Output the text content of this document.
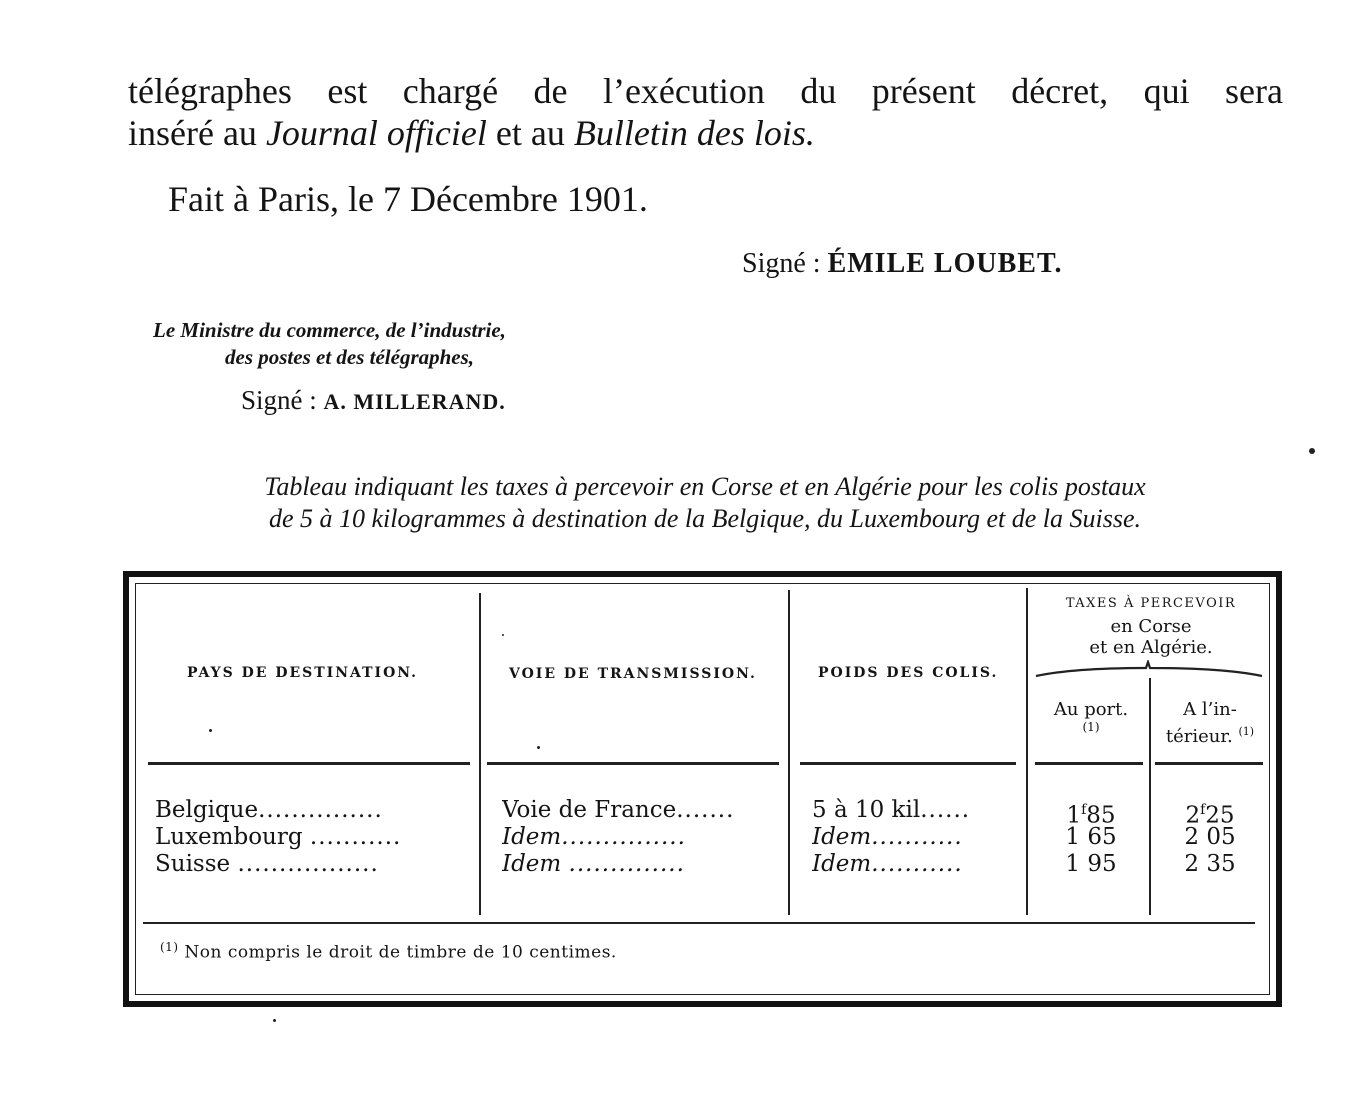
télégraphes est chargé de l’exécution du présent décret, qui sera
inséré au Journal officiel et au Bulletin des lois.
Fait à Paris, le 7 Décembre 1901.
Signé : ÉMILE LOUBET.
Le Ministre du commerce, de l’industrie,
des postes et des télégraphes,
Signé : A. MILLERAND.
Tableau indiquant les taxes à percevoir en Corse et en Algérie pour les colis postaux
de 5 à 10 kilogrammes à destination de la Belgique, du Luxembourg et de la Suisse.
PAYS DE DESTINATION.	VOIE DE TRANSMISSION.	POIDS DES COLIS.
TAXES À PERCEVOIR
en Corse
et en Algérie.
Au port.
(1)
A l’in-
térieur. $^{(1)}$
Belgique...............
Luxembourg ...........
Suisse .................
Voie de France.......
Idem...............
Idem ..............
5 à 10 kil......
Idem...........
Idem...........
1$^f$85
1 65
1 95
2$^f$25
2 05
2 35
$^{(1)}$ Non compris le droit de timbre de 10 centimes.
